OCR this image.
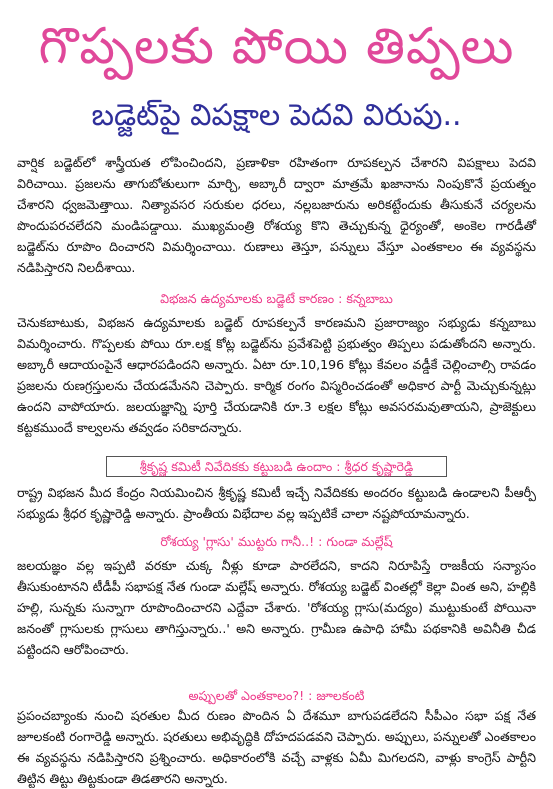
గొప్పలకు పోయి తిప్పలు
బడ్జెట్‌పై విపక్షాల పెదవి విరుపు..

వార్షిక బడ్జెట్‌లో శాస్త్రీయత లోపించిందని, ప్రణాళికా రహితంగా రూపకల్పన చేశారని విపక్షాలు పెదవి విరిచాయి. ప్రజలను తాగుబోతులుగా మార్చి, అబ్కారీ ద్వారా మాత్రమే ఖజానాను నింపుకొనే ప్రయత్నం చేశారని ధ్వజమెత్తాయి. నిత్యావసర సరుకుల ధరలు, నల్లబజారును అరికట్టేందుకు తీసుకునే చర్యలను పొందుపరచలేదని మండిపడ్డాయి. ముఖ్యమంత్రి రోశయ్య కొని తెచ్చుకున్న ధైర్యంతో, అంకెల గారడీతో బడ్జెట్‌ను రూపొం దించారని విమర్శించాయి. రుణాలు తెస్తూ, పన్నులు వేస్తూ ఎంతకాలం ఈ వ్యవస్థను నడిపిస్తారని నిలదీశాయి.

విభజన ఉద్యమాలకు బడ్జెటే కారణం : కన్నబాబు

చెనుకబాటుకు, విభజన ఉద్యమాలకు బడ్జెట్ రూపకల్పనే కారణమని ప్రజారాజ్యం సభ్యుడు కన్నబాబు విమర్శించారు. గొప్పలకు పోయి రూ.లక్ష కోట్ల బడ్జెట్‌ను ప్రవేశపెట్టి ప్రభుత్వం తిప్పలు పడుతోందని అన్నారు. అబ్కారీ ఆదాయంపైనే ఆధారపడిందని అన్నారు. ఏటా రూ.10,196 కోట్లు కేవలం వడ్డీకే చెల్లించాల్సి రావడం ప్రజలను రుణగ్రస్తులను చేయడమేనని చెప్పారు. కార్మిక రంగం విస్మరించడంతో అధికార పార్టీ మెచ్చుకున్నట్లు ఉందని వాపోయారు. జలయజ్ఞాన్ని పూర్తి చేయడానికి రూ.3 లక్షల కోట్లు అవసరమవుతాయని, ప్రాజెక్టులు కట్టకముందే కాల్వలను తవ్వడం సరికాదన్నారు.

శ్రీకృష్ణ కమిటీ నివేదికకు కట్టుబడి ఉందాం : శ్రీధర కృష్ణారెడ్డి

రాష్ట్ర విభజన మీద కేంద్రం నియమించిన శ్రీకృష్ణ కమిటీ ఇచ్చే నివేదికకు అందరం కట్టుబడి ఉండాలని పీఆర్పీ సభ్యుడు శ్రీధర కృష్ణారెడ్డి అన్నారు. ప్రాంతీయ విభేదాల వల్ల ఇప్పటికే చాలా నష్టపోయామన్నారు.

రోశయ్య 'గ్లాసు' ముట్టరు గానీ..! : గుండా మల్లేష్

జలయజ్ఞం వల్ల ఇప్పటి వరకూ చుక్క నీళ్లు కూడా పారలేదని, కాదని నిరూపిస్తే రాజకీయ సన్యాసం తీసుకుంటానని టీడీపీ సభాపక్ష నేత గుండా మల్లేష్ అన్నారు. రోశయ్య బడ్జెట్ వింతల్లో కెల్లా వింత అని, హల్లికి హల్లి, సున్నకు సున్నాగా రూపొందించారని ఎద్దేవా చేశారు. 'రోశయ్య గ్లాసు(మద్యం) ముట్టుకుంటే పోయినా జనంతో గ్లాసులకు గ్లాసులు తాగిస్తున్నారు..' అని అన్నారు. గ్రామీణ ఉపాధి హామీ పథకానికి అవినీతి చీడ పట్టిందని ఆరోపించారు.

అప్పులతో ఎంతకాలం?! : జూలకంటి

ప్రపంచబ్యాంకు నుంచి షరతుల మీద రుణం పొందిన ఏ దేశమూ బాగుపడలేదని సీపీఎం సభా పక్ష నేత జూలకంటి రంగారెడ్డి అన్నారు. షరతులు అభివృద్ధికి దోహదపడవని చెప్పారు. అప్పులు, పన్నులతో ఎంతకాలం ఈ వ్యవస్థను నడిపిస్తారని ప్రశ్నించారు. అధికారంలోకి వచ్చే వాళ్లకు ఏమీ మిగలదని, వాళ్లు కాంగ్రెస్ పార్టీని తిట్టిన తిట్టు తిట్టకుండా తిడతారని అన్నారు.
